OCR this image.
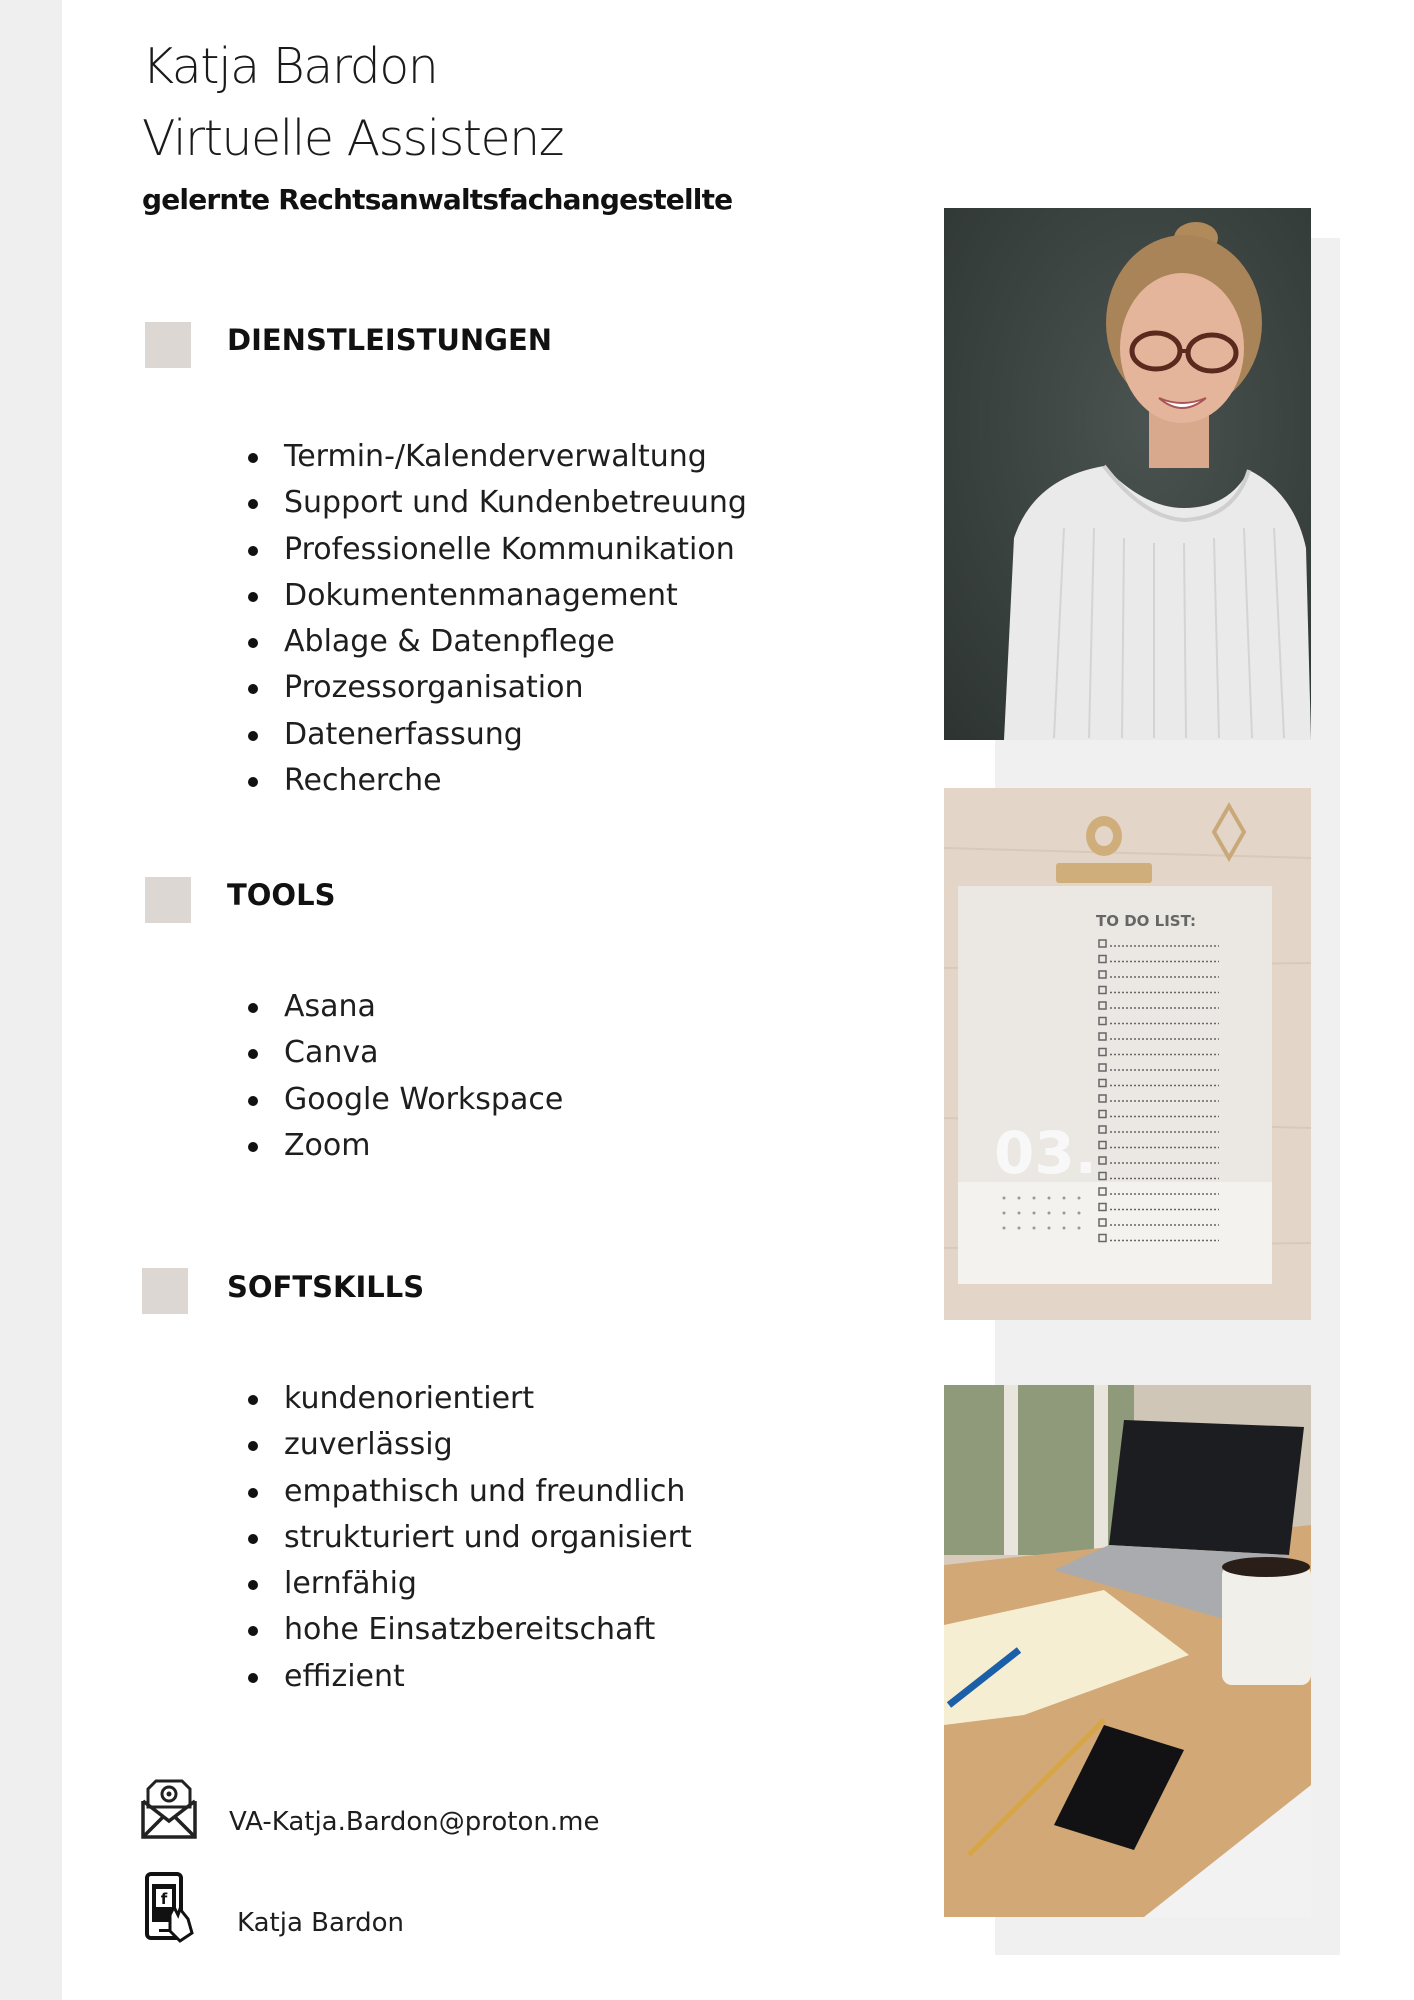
Katja Bardon
Virtuelle Assistenz
gelernte Rechtsanwaltsfachangestellte
DIENSTLEISTUNGEN
Termin-/Kalenderverwaltung
Support und Kundenbetreuung
Professionelle Kommunikation
Dokumentenmanagement
Ablage & Datenpflege
Prozessorganisation
Datenerfassung
Recherche
TOOLS
Asana
Canva
Google Workspace
Zoom
SOFTSKILLS
kundenorientiert
zuverlässig
empathisch und freundlich
strukturiert und organisiert
lernfähig
hohe Einsatzbereitschaft
effizient
VA-Katja.Bardon@proton.me
f
Katja Bardon
TO DO LIST:
03.
